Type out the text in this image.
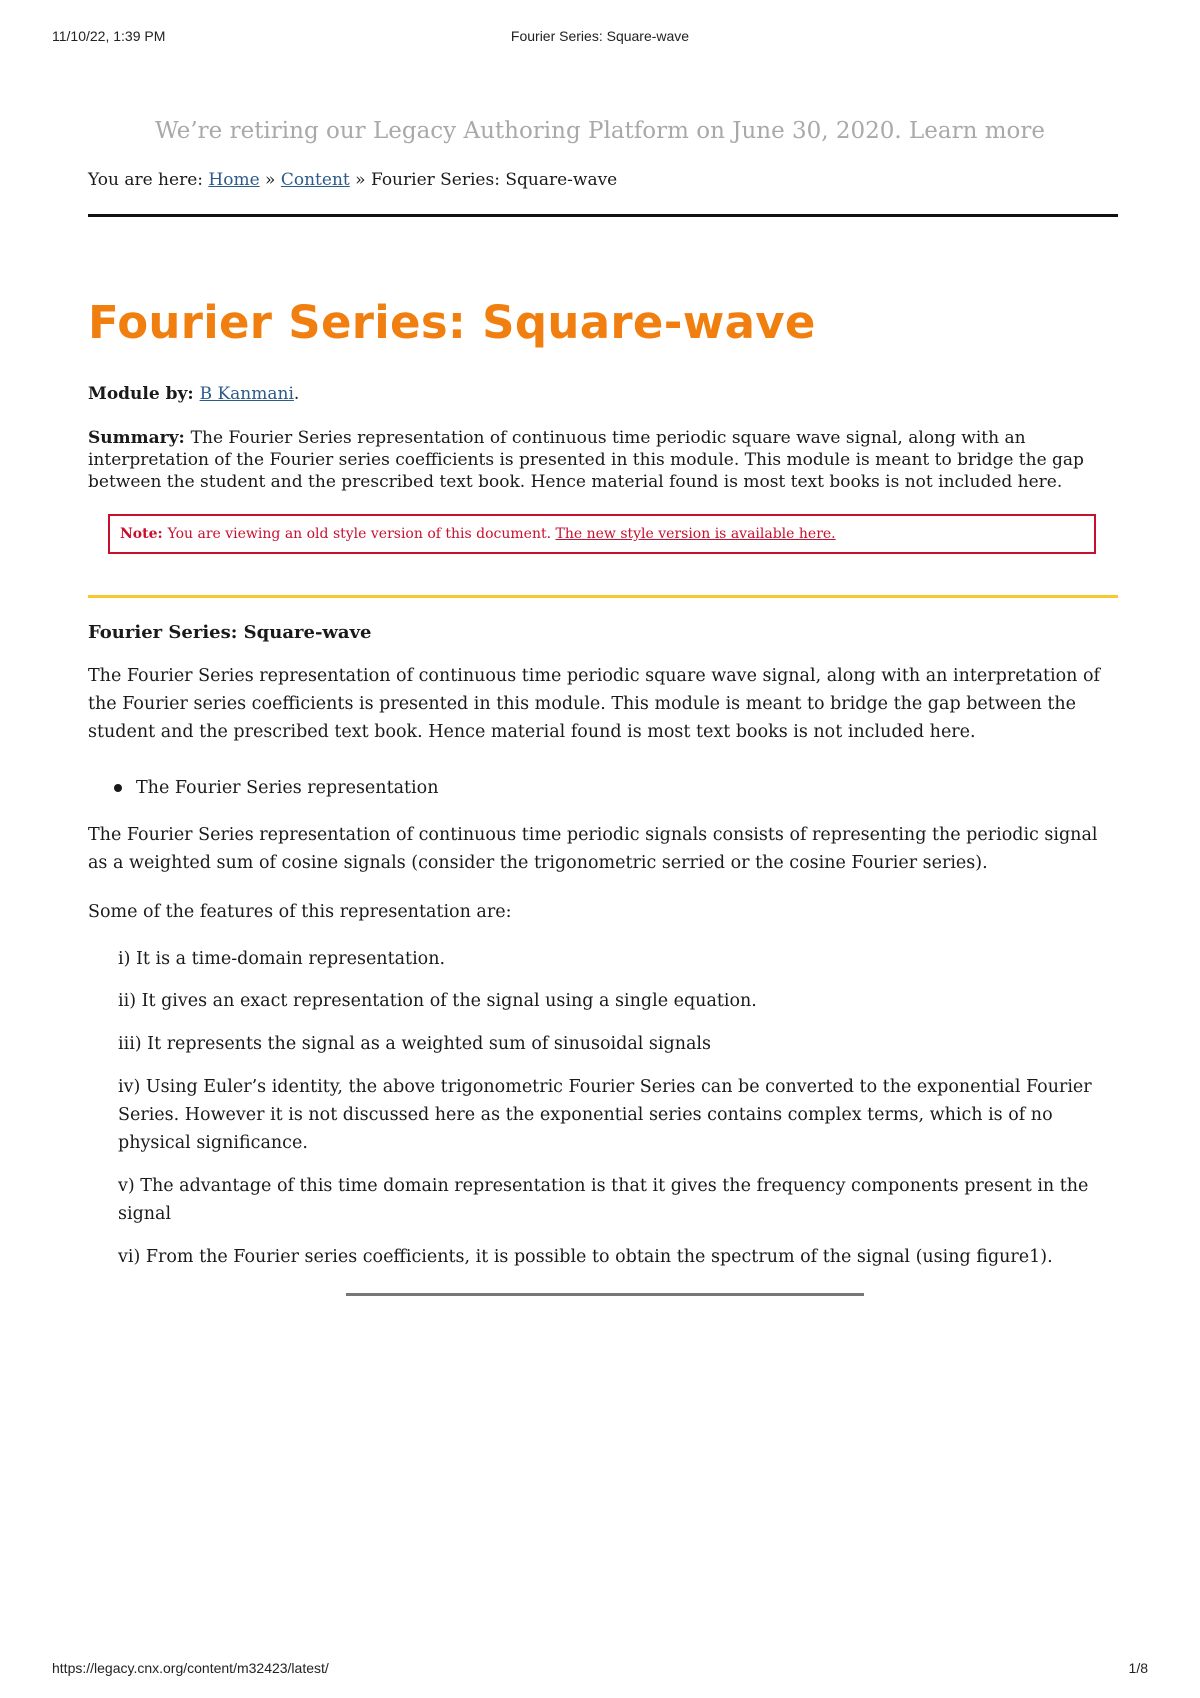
11/10/22, 1:39 PM	Fourier Series: Square-wave
We’re retiring our Legacy Authoring Platform on June 30, 2020. Learn more
You are here: Home » Content » Fourier Series: Square-wave
Fourier Series: Square-wave
Module by: B Kanmani.
Summary: The Fourier Series representation of continuous time periodic square wave signal, along with an interpretation of the Fourier series coefficients is presented in this module. This module is meant to bridge the gap between the student and the prescribed text book. Hence material found is most text books is not included here.
Note: You are viewing an old style version of this document. The new style version is available here.
Fourier Series: Square-wave

The Fourier Series representation of continuous time periodic square wave signal, along with an interpretation of the Fourier series coefficients is presented in this module. This module is meant to bridge the gap between the student and the prescribed text book. Hence material found is most text books is not included here.

The Fourier Series representation

The Fourier Series representation of continuous time periodic signals consists of representing the periodic signal as a weighted sum of cosine signals (consider the trigonometric serried or the cosine Fourier series).

Some of the features of this representation are:

i) It is a time-domain representation.

ii) It gives an exact representation of the signal using a single equation.

iii) It represents the signal as a weighted sum of sinusoidal signals

iv) Using Euler’s identity, the above trigonometric Fourier Series can be converted to the exponential Fourier Series. However it is not discussed here as the exponential series contains complex terms, which is of no physical significance.

v) The advantage of this time domain representation is that it gives the frequency components present in the signal

vi) From the Fourier series coefficients, it is possible to obtain the spectrum of the signal (using figure1).

https://legacy.cnx.org/content/m32423/latest/	1/8
